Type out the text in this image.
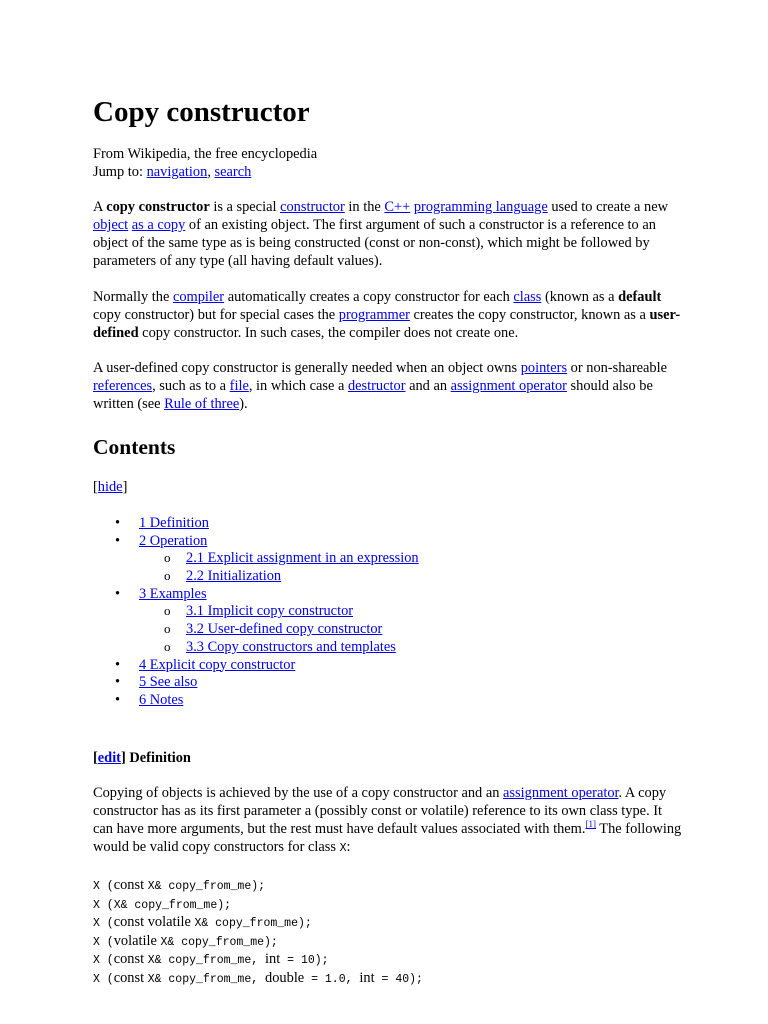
Copy constructor
From Wikipedia, the free encyclopedia
Jump to: navigation, search

A copy constructor is a special constructor in the C++ programming language used to create a new object as a copy of an existing object. The first argument of such a constructor is a reference to an object of the same type as is being constructed (const or non-const), which might be followed by parameters of any type (all having default values).

Normally the compiler automatically creates a copy constructor for each class (known as a default copy constructor) but for special cases the programmer creates the copy constructor, known as a user-defined copy constructor. In such cases, the compiler does not create one.

A user-defined copy constructor is generally needed when an object owns pointers or non-shareable references, such as to a file, in which case a destructor and an assignment operator should also be written (see Rule of three).

Contents
[hide]
• 1 Definition
• 2 Operation
o 2.1 Explicit assignment in an expression
o 2.2 Initialization
• 3 Examples
o 3.1 Implicit copy constructor
o 3.2 User-defined copy constructor
o 3.3 Copy constructors and templates
• 4 Explicit copy constructor
• 5 See also
• 6 Notes
[edit] Definition

Copying of objects is achieved by the use of a copy constructor and an assignment operator. A copy constructor has as its first parameter a (possibly const or volatile) reference to its own class type. It can have more arguments, but the rest must have default values associated with them.[1] The following would be valid copy constructors for class X:

X (const X& copy_from_me);
X (X& copy_from_me);
X (const volatile X& copy_from_me);
X (volatile X& copy_from_me);
X (const X& copy_from_me, int = 10);
X (const X& copy_from_me, double = 1.0, int = 40);
